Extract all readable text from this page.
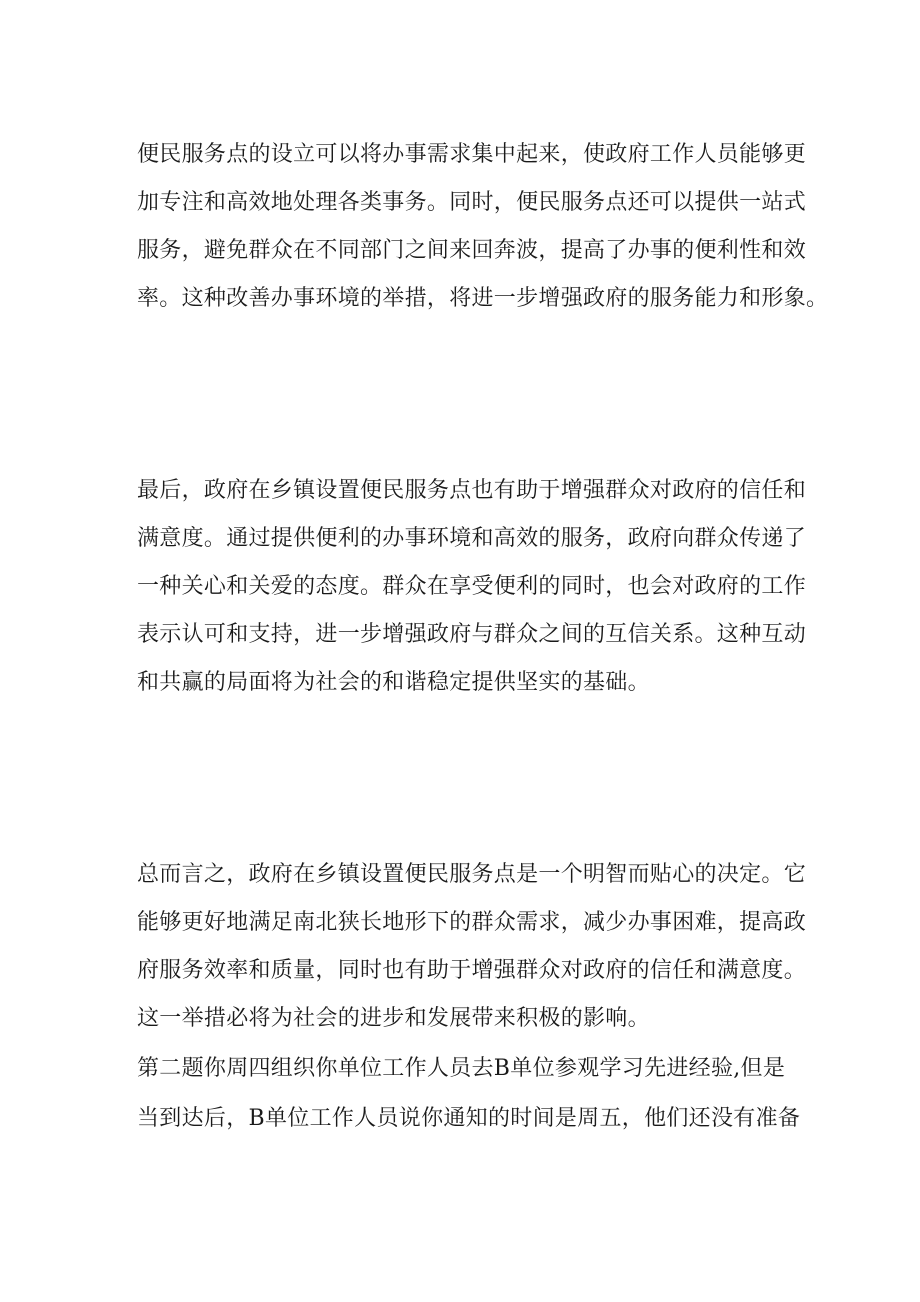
便民服务点的设立可以将办事需求集中起来，使政府工作人员能够更
加专注和高效地处理各类事务。同时，便民服务点还可以提供一站式
服务，避免群众在不同部门之间来回奔波，提高了办事的便利性和效
率。这种改善办事环境的举措，将进一步增强政府的服务能力和形象。
最后，政府在乡镇设置便民服务点也有助于增强群众对政府的信任和
满意度。通过提供便利的办事环境和高效的服务，政府向群众传递了
一种关心和关爱的态度。群众在享受便利的同时，也会对政府的工作
表示认可和支持，进一步增强政府与群众之间的互信关系。这种互动
和共赢的局面将为社会的和谐稳定提供坚实的基础。
总而言之，政府在乡镇设置便民服务点是一个明智而贴心的决定。它
能够更好地满足南北狭长地形下的群众需求，减少办事困难，提高政
府服务效率和质量，同时也有助于增强群众对政府的信任和满意度。
这一举措必将为社会的进步和发展带来积极的影响。
第二题你周四组织你单位工作人员去B单位参观学习先进经验,但是
当到达后，B单位工作人员说你通知的时间是周五，他们还没有准备
